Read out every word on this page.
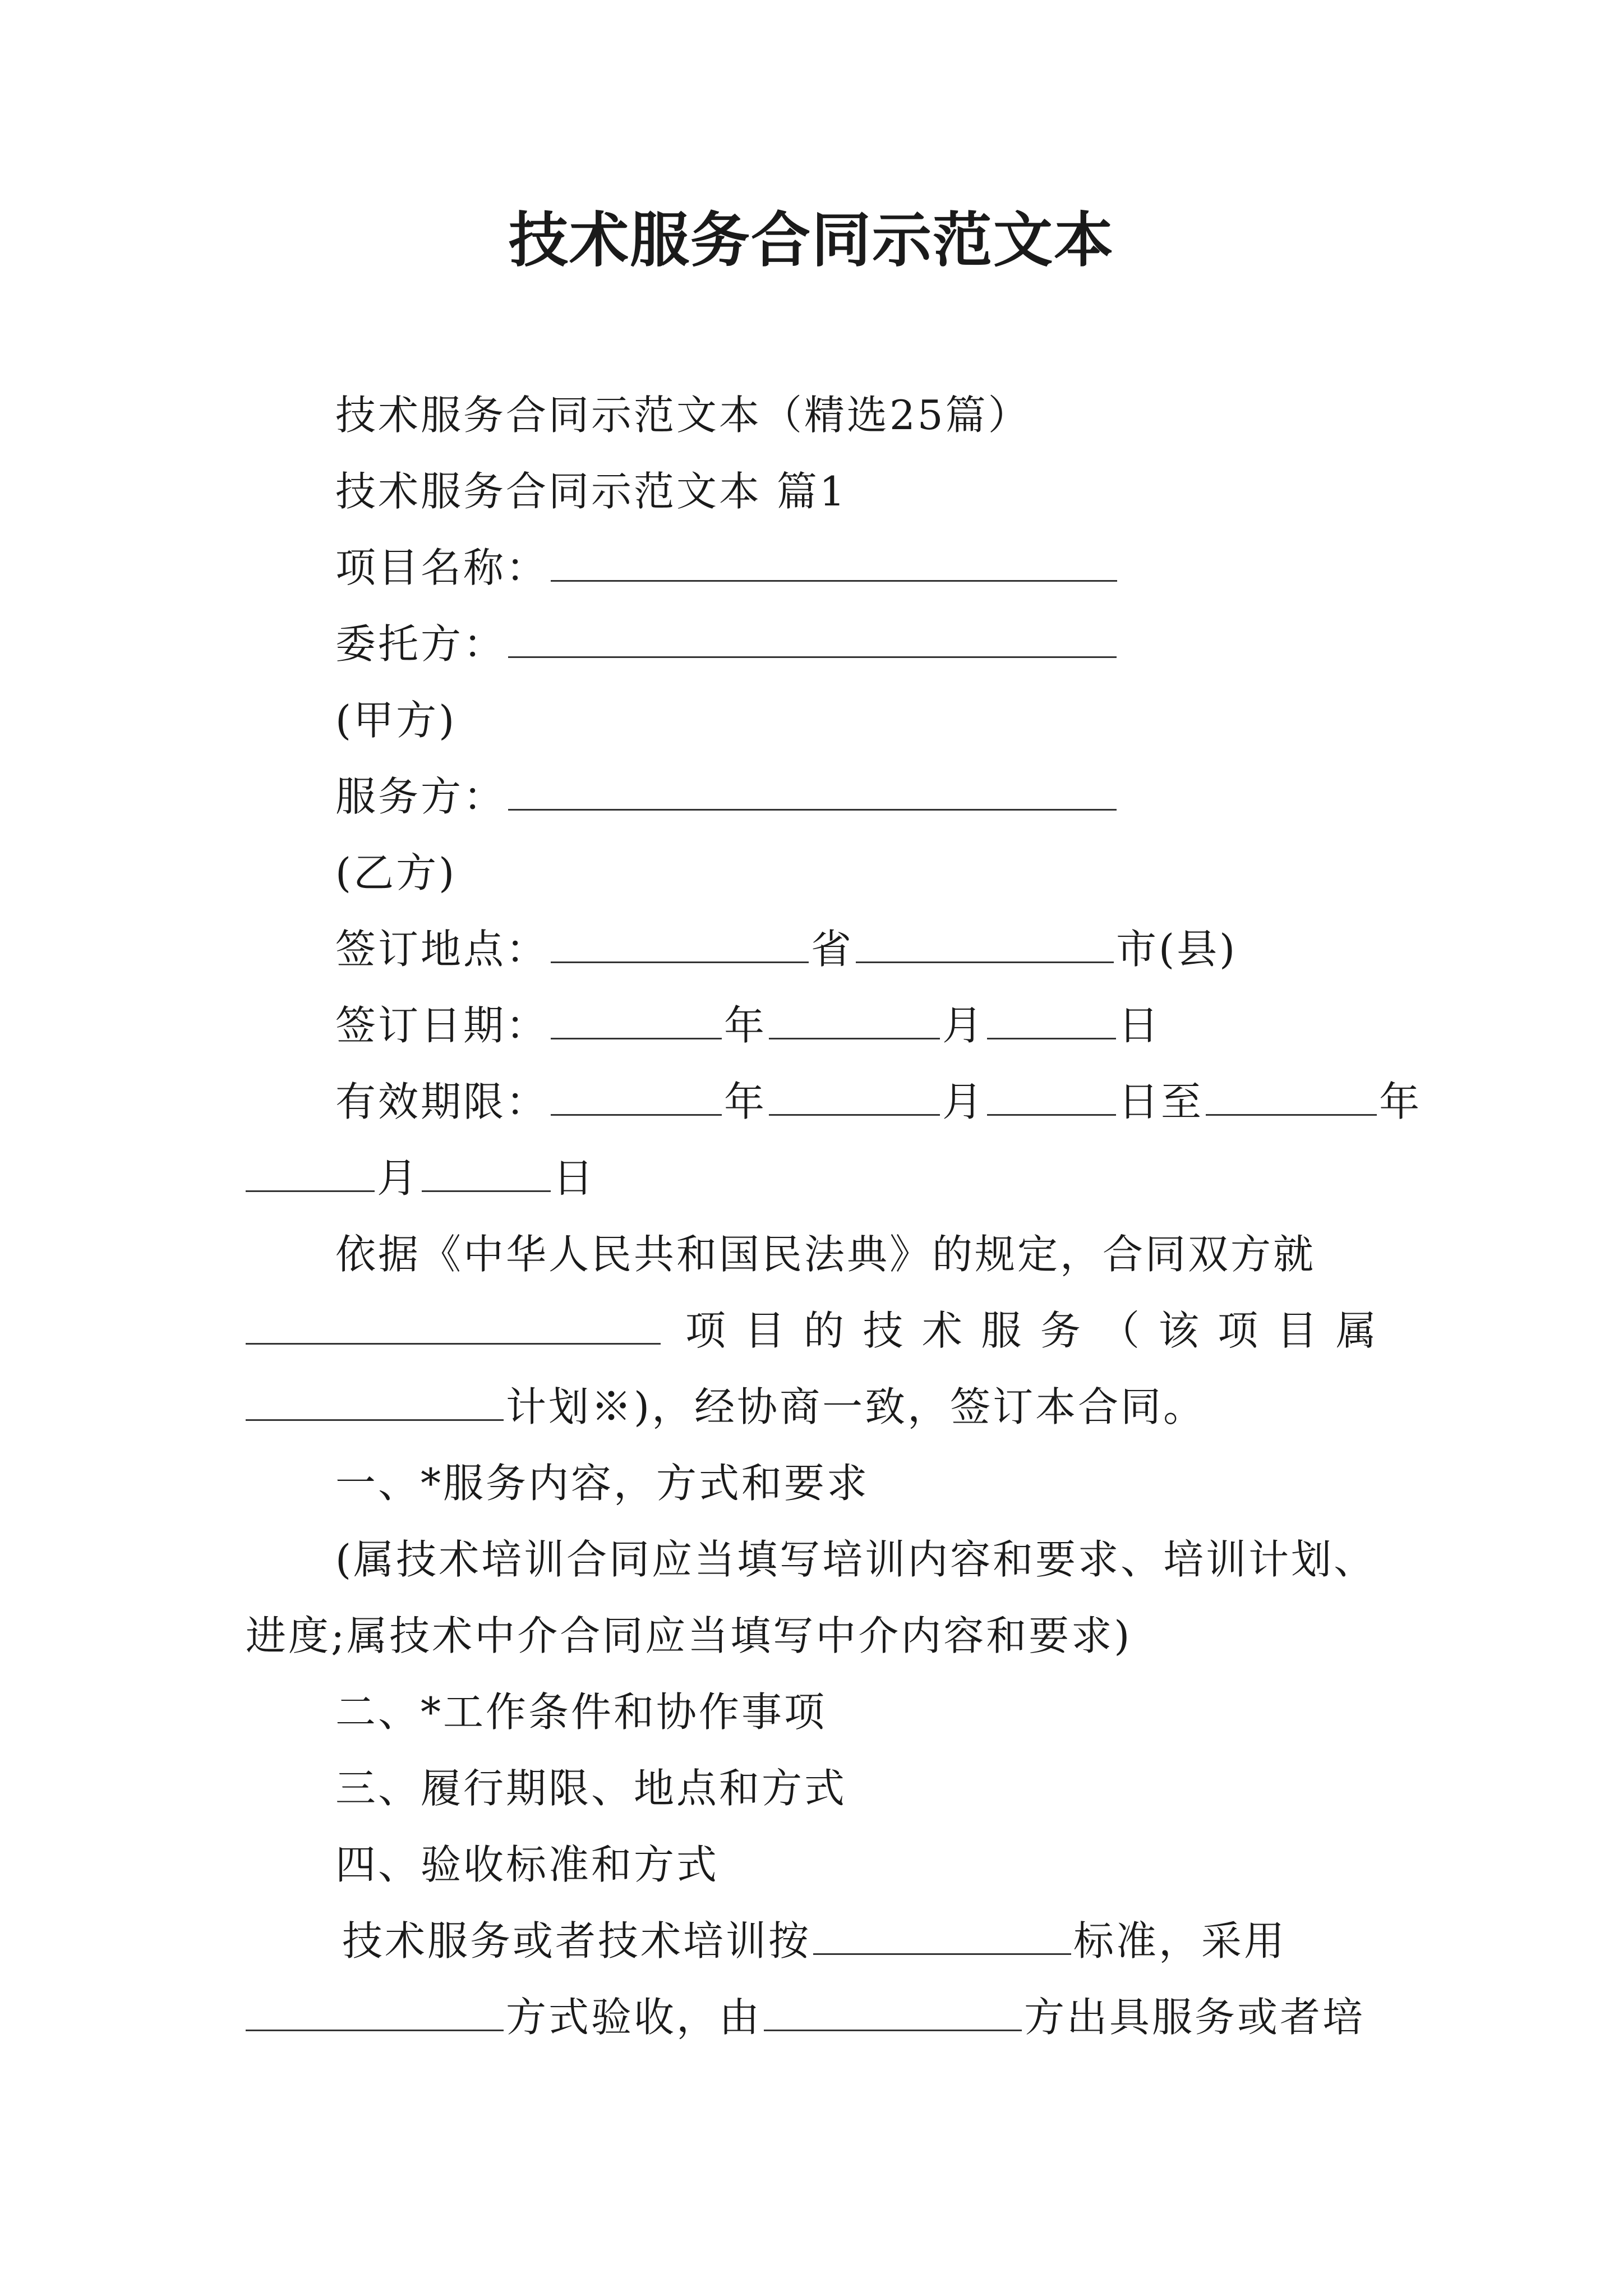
技术服务合同示范文本
技术服务合同示范文本（精选25篇）
技术服务合同示范文本 篇1
项目名称：
委托方：
(甲方)
服务方：
(乙方)
签订地点：	省	市(县)
签订日期：	年	月	日
有效期限：	年	月	日至	年
月	日
依据《中华人民共和国民法典》的规定，合同双方就
项 目 的 技 术 服 务 （ 该 项 目 属
计划※)，经协商一致，签订本合同。
一、*服务内容，方式和要求
(属技术培训合同应当填写培训内容和要求、培训计划、
进度;属技术中介合同应当填写中介内容和要求)
二、*工作条件和协作事项
三、履行期限、地点和方式
四、验收标准和方式
技术服务或者技术培训按	标准，采用
方式验收，由	方出具服务或者培
